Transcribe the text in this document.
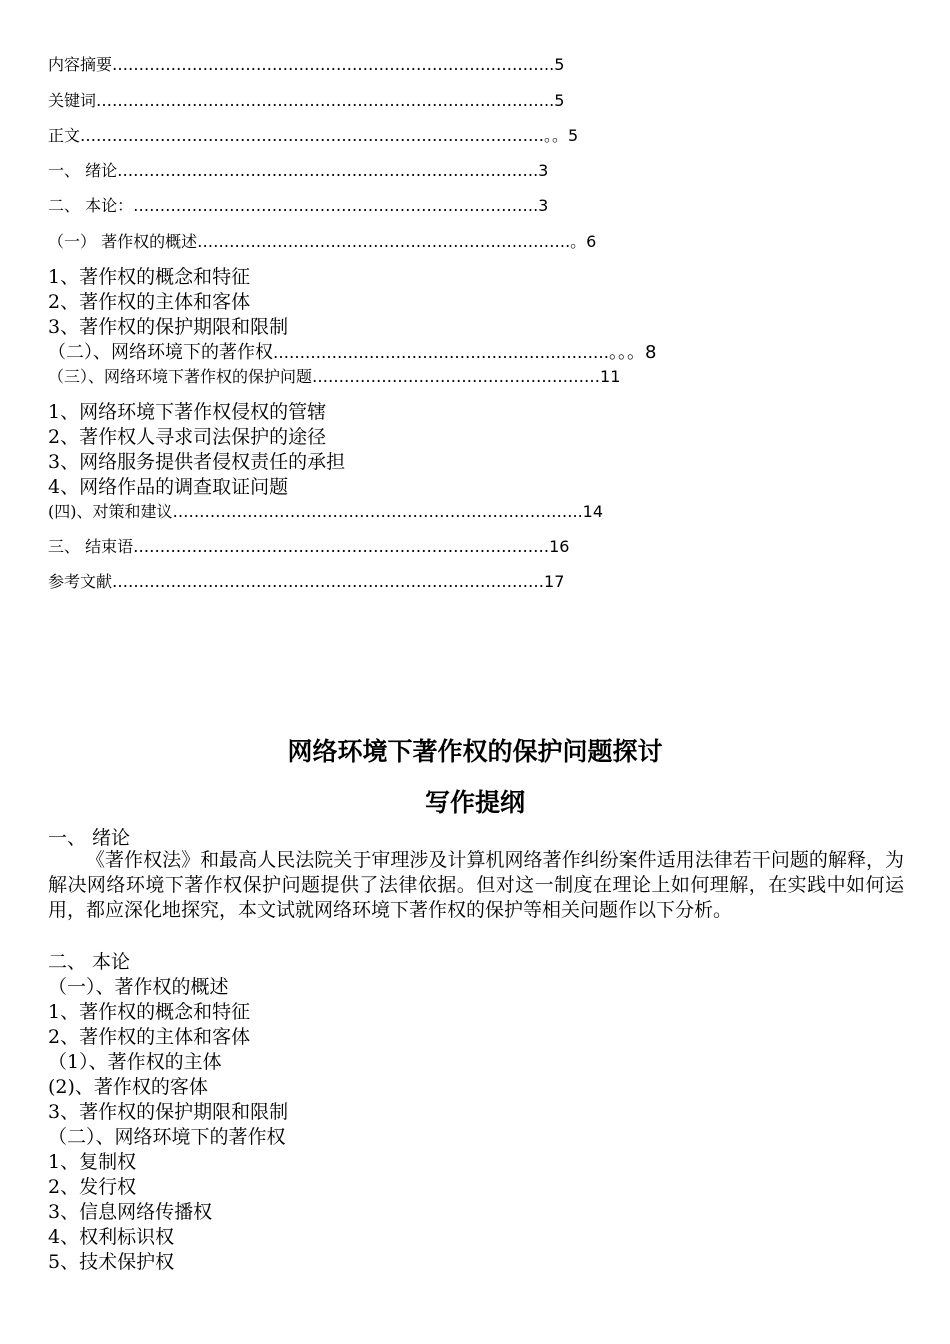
内容摘要………………………………………………………………………..5
关键词…………………………………………………………………………..5
正文……………………………………………………………………………。。5
一、 绪论…………………………………………………………………….3
二、 本论：………………………………………………………………….3
（一） 著作权的概述…………………………………………………………….。6
1、著作权的概念和特征
2、著作权的主体和客体
3、著作权的保护期限和限制
（二）、网络环境下的著作权………………………………………………………。。。8
（三）、网络环境下著作权的保护问题………………………………………………11
1、网络环境下著作权侵权的管辖
2、著作权人寻求司法保护的途径
3、网络服务提供者侵权责任的承担
4、网络作品的调查取证问题
(四)、对策和建议…………………………………………………………………..14
三、 结束语……………………………………………………………………16
参考文献………………………………………………………………………17
网络环境下著作权的保护问题探讨
写作提纲
一、 绪论
《著作权法》和最高人民法院关于审理涉及计算机网络著作纠纷案件适用法律若干问题的解释，为解决网络环境下著作权保护问题提供了法律依据。但对这一制度在理论上如何理解，在实践中如何运用，都应深化地探究，本文试就网络环境下著作权的保护等相关问题作以下分析。
二、 本论
（一）、著作权的概述
1、著作权的概念和特征
2、著作权的主体和客体
（1）、著作权的主体
(2)、著作权的客体
3、著作权的保护期限和限制
（二）、网络环境下的著作权
1、复制权
2、发行权
3、信息网络传播权
4、权利标识权
5、技术保护权
